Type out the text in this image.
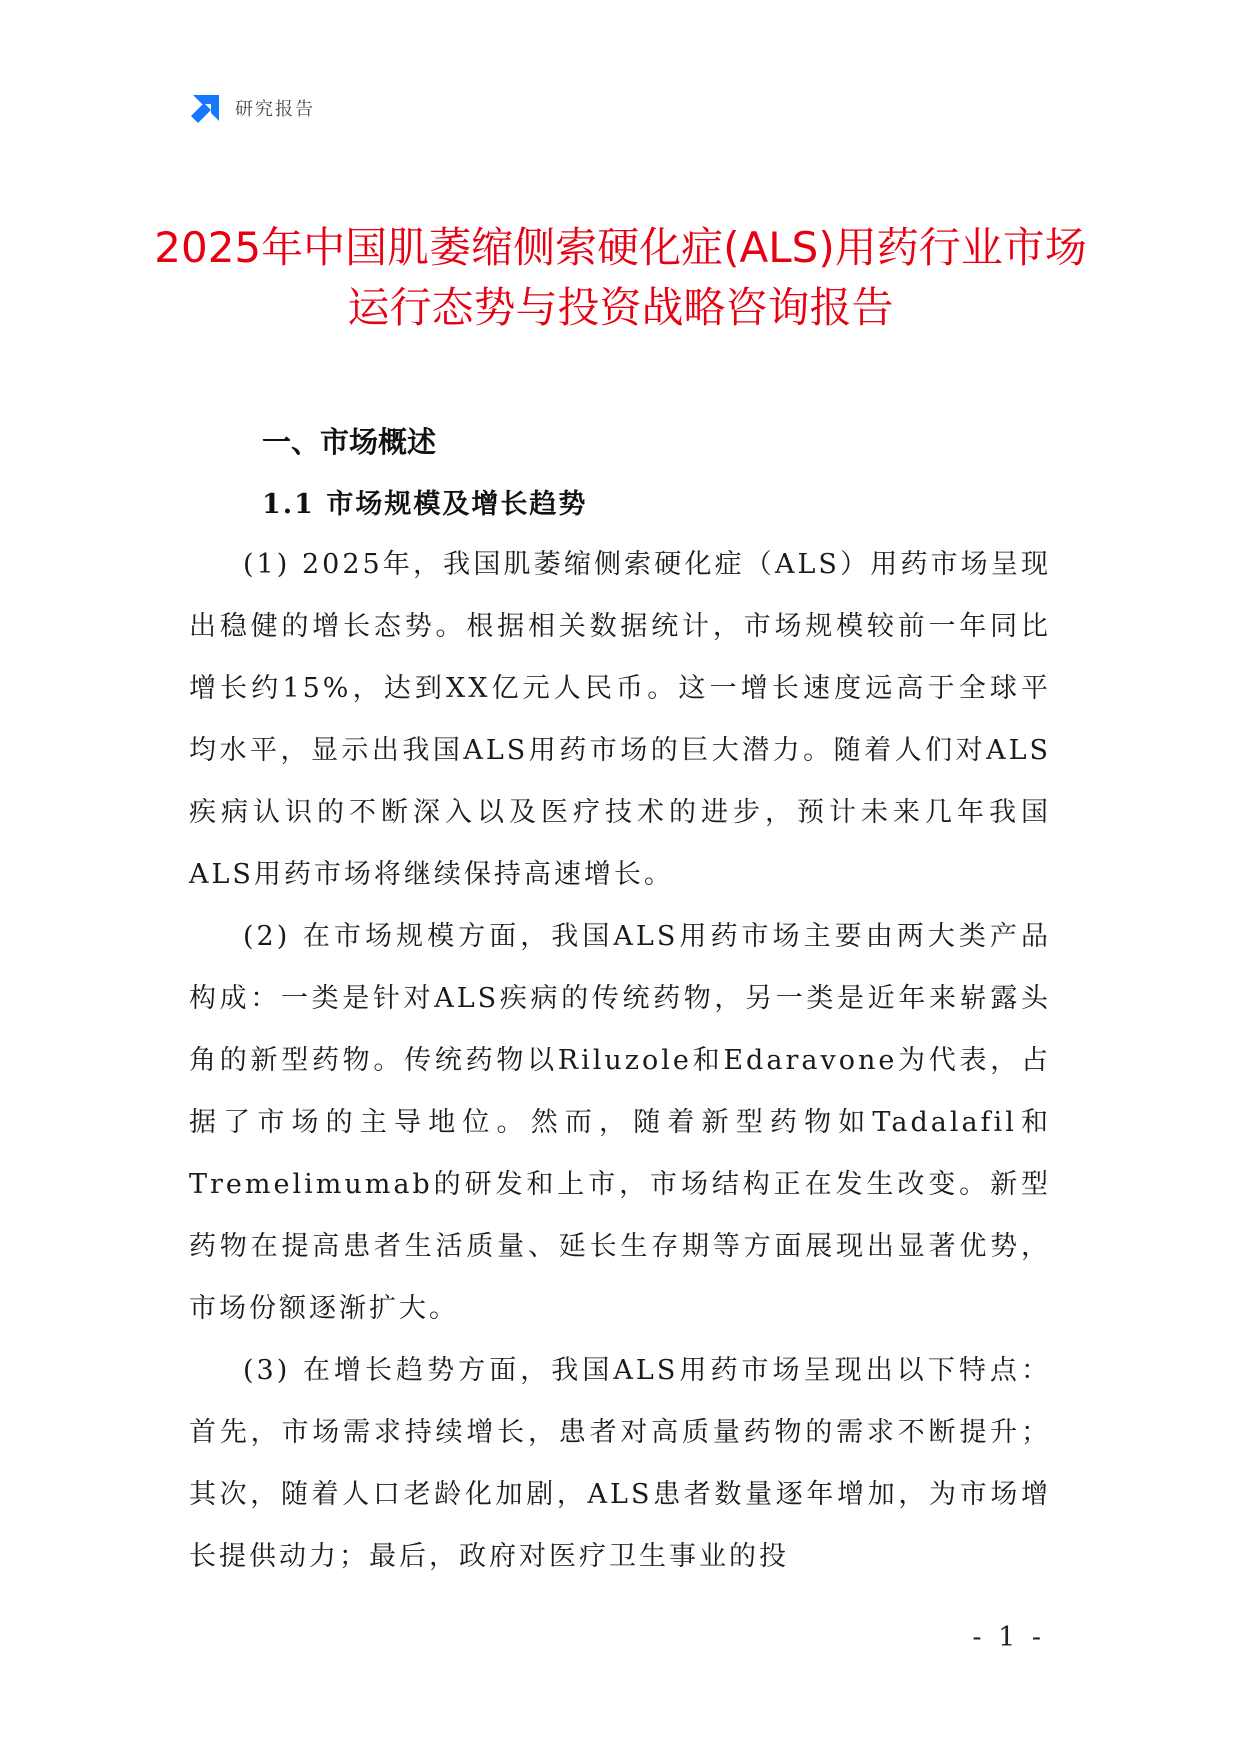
研究报告
2025年中国肌萎缩侧索硬化症(ALS)用药行业市场运行态势与投资战略咨询报告
一、市场概述
1.1 市场规模及增长趋势

(1) 2025年，我国肌萎缩侧索硬化症（ALS）用药市场呈现出稳健的增长态势。根据相关数据统计，市场规模较前一年同比增长约15%，达到XX亿元人民币。这一增长速度远高于全球平均水平，显示出我国ALS用药市场的巨大潜力。随着人们对ALS疾病认识的不断深入以及医疗技术的进步，预计未来几年我国ALS用药市场将继续保持高速增长。

(2) 在市场规模方面，我国ALS用药市场主要由两大类产品构成：一类是针对ALS疾病的传统药物，另一类是近年来崭露头角的新型药物。传统药物以Riluzole和Edaravone为代表，占据了市场的主导地位。然而，随着新型药物如Tadalafil和Tremelimumab的研发和上市，市场结构正在发生改变。新型药物在提高患者生活质量、延长生存期等方面展现出显著优势，市场份额逐渐扩大。

(3) 在增长趋势方面，我国ALS用药市场呈现出以下特点：首先，市场需求持续增长，患者对高质量药物的需求不断提升；其次，随着人口老龄化加剧，ALS患者数量逐年增加，为市场增长提供动力；最后，政府对医疗卫生事业的投

- 1 -
